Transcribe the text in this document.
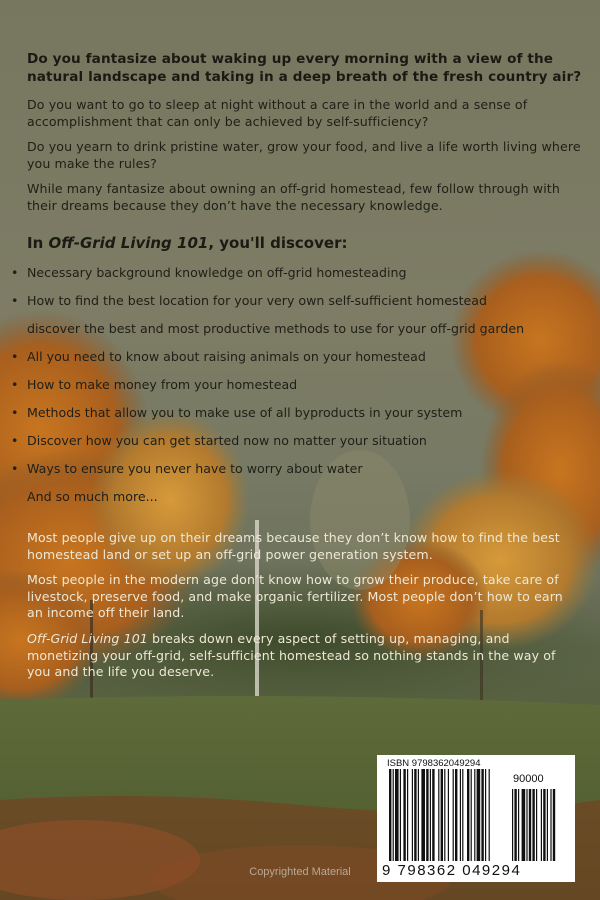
Do you fantasize about waking up every morning with a view of the natural landscape and taking in a deep breath of the fresh country air?

Do you want to go to sleep at night without a care in the world and a sense of accomplishment that can only be achieved by self-sufficiency?

Do you yearn to drink pristine water, grow your food, and live a life worth living where you make the rules?

While many fantasize about owning an off-grid homestead, few follow through with their dreams because they don’t have the necessary knowledge.

In Off-Grid Living 101, you'll discover:

• Necessary background knowledge on off-grid homesteading
• How to find the best location for your very own self-sufficient homestead
discover the best and most productive methods to use for your off-grid garden
• All you need to know about raising animals on your homestead
• How to make money from your homestead
• Methods that allow you to make use of all byproducts in your system
• Discover how you can get started now no matter your situation
• Ways to ensure you never have to worry about water
And so much more...

Most people give up on their dreams because they don’t know how to find the best homestead land or set up an off-grid power generation system.

Most people in the modern age don’t know how to grow their produce, take care of livestock, preserve food, and make organic fertilizer. Most people don’t how to earn an income off their land.

Off-Grid Living 101 breaks down every aspect of setting up, managing, and monetizing your off-grid, self-sufficient homestead so nothing stands in the way of you and the life you deserve.

ISBN 9798362049294
90000
9 798362 049294
Copyrighted Material
